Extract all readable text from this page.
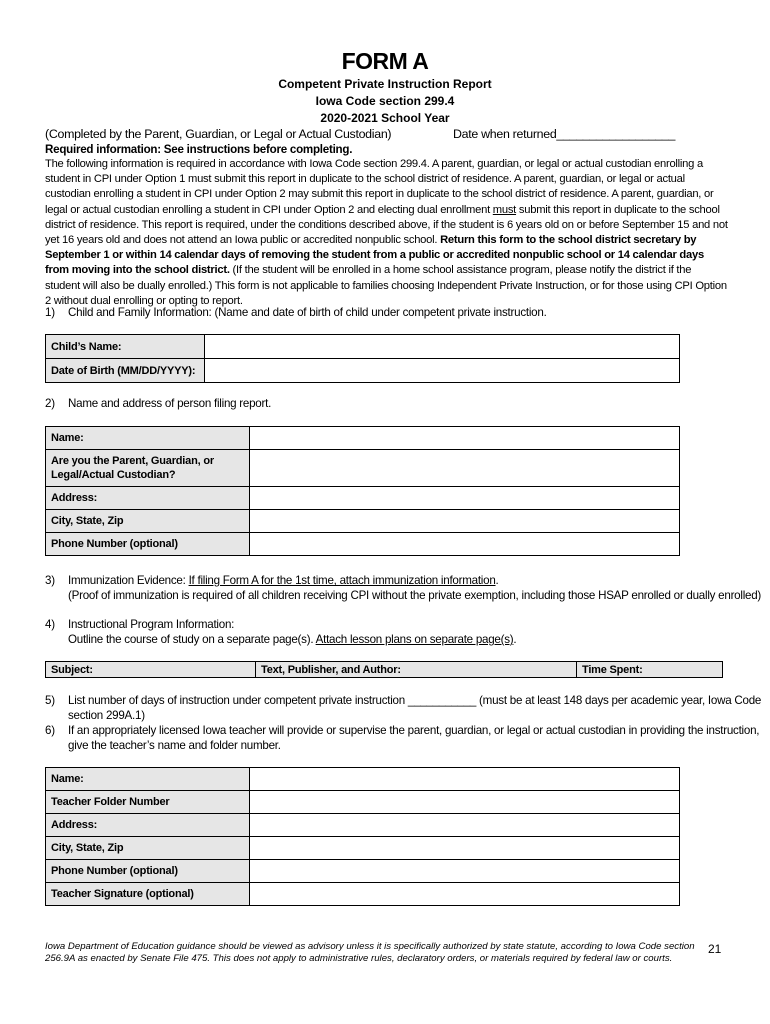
FORM A
Competent Private Instruction Report
Iowa Code section 299.4
2020-2021 School Year
(Completed by the Parent, Guardian, or Legal or Actual Custodian)	Date when returned__________________
Required information: See instructions before completing.
The following information is required in accordance with Iowa Code section 299.4. A parent, guardian, or legal or actual custodian enrolling a student in CPI under Option 1 must submit this report in duplicate to the school district of residence. A parent, guardian, or legal or actual custodian enrolling a student in CPI under Option 2 may submit this report in duplicate to the school district of residence. A parent, guardian, or legal or actual custodian enrolling a student in CPI under Option 2 and electing dual enrollment must submit this report in duplicate to the school district of residence. This report is required, under the conditions described above, if the student is 6 years old on or before September 15 and not yet 16 years old and does not attend an Iowa public or accredited nonpublic school. Return this form to the school district secretary by September 1 or within 14 calendar days of removing the student from a public or accredited nonpublic school or 14 calendar days from moving into the school district. (If the student will be enrolled in a home school assistance program, please notify the district if the student will also be dually enrolled.) This form is not applicable to families choosing Independent Private Instruction, or for those using CPI Option 2 without dual enrolling or opting to report.
1) Child and Family Information: (Name and date of birth of child under competent private instruction.
Child’s Name:	
Date of Birth (MM/DD/YYYY):	
2) Name and address of person filing report.
Name:	
Are you the Parent, Guardian, or Legal/Actual Custodian?	
Address:	
City, State, Zip	
Phone Number (optional)	
3) Immunization Evidence: If filing Form A for the 1st time, attach immunization information.
(Proof of immunization is required of all children receiving CPI without the private exemption, including those HSAP enrolled or dually enrolled)
4) Instructional Program Information:
Outline the course of study on a separate page(s). Attach lesson plans on separate page(s).
Subject:	Text, Publisher, and Author:	Time Spent:
5) List number of days of instruction under competent private instruction ___________ (must be at least 148 days per academic year, Iowa Code
section 299A.1)
6) If an appropriately licensed Iowa teacher will provide or supervise the parent, guardian, or legal or actual custodian in providing the instruction,
give the teacher’s name and folder number.
Name:	
Teacher Folder Number	
Address:	
City, State, Zip	
Phone Number (optional)	
Teacher Signature (optional)	
Iowa Department of Education guidance should be viewed as advisory unless it is specifically authorized by state statute, according to Iowa Code section 256.9A as enacted by Senate File 475. This does not apply to administrative rules, declaratory orders, or materials required by federal law or courts.
21
